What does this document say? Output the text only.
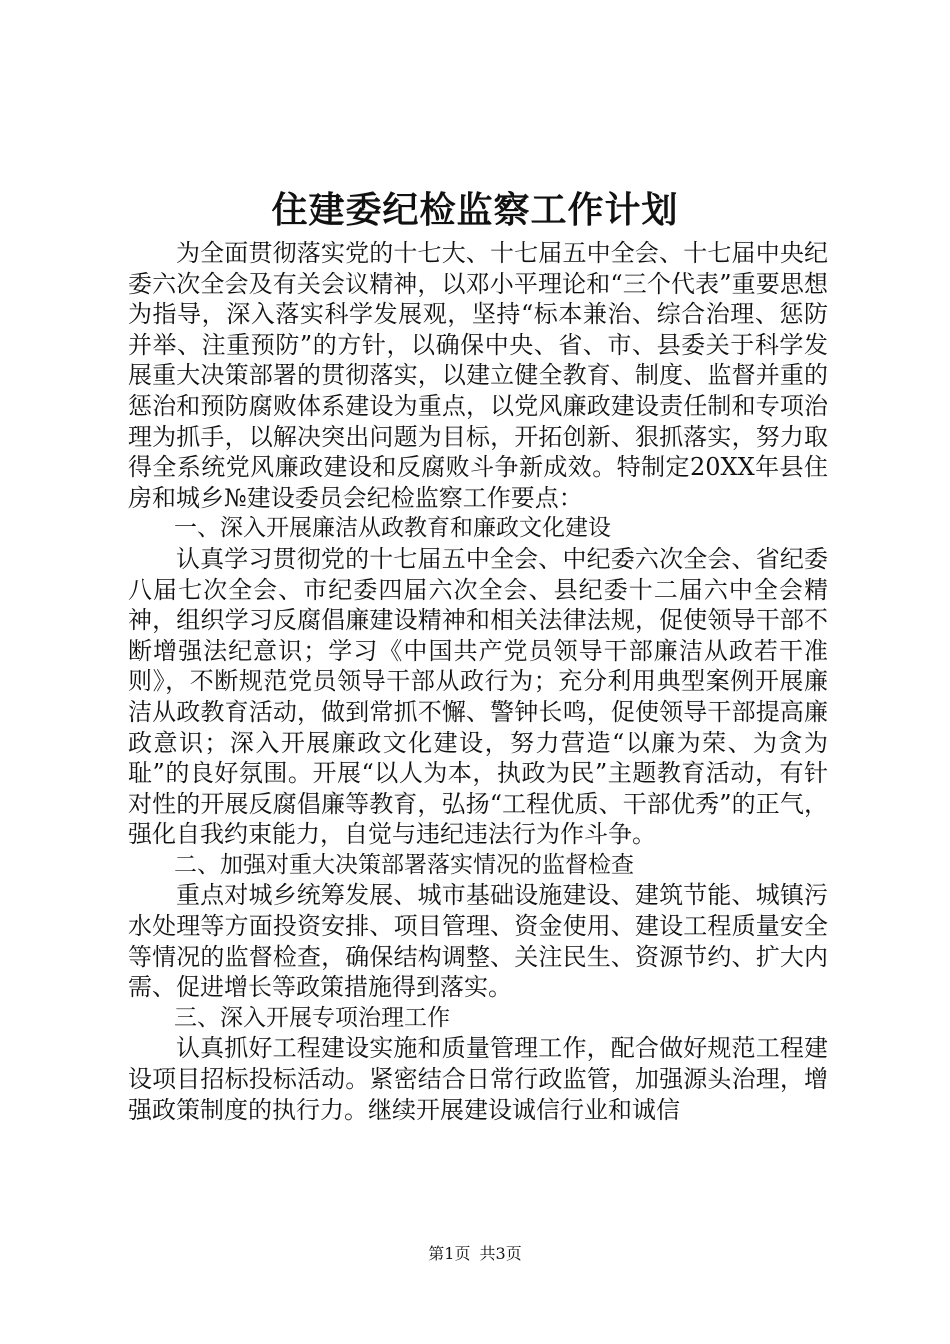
住建委纪检监察工作计划

为全面贯彻落实党的十七大、十七届五中全会、十七届中央纪委六次全会及有关会议精神，以邓小平理论和“三个代表”重要思想为指导，深入落实科学发展观，坚持“标本兼治、综合治理、惩防并举、注重预防”的方针，以确保中央、省、市、县委关于科学发展重大决策部署的贯彻落实，以建立健全教育、制度、监督并重的惩治和预防腐败体系建设为重点，以党风廉政建设责任制和专项治理为抓手，以解决突出问题为目标，开拓创新、狠抓落实，努力取得全系统党风廉政建设和反腐败斗争新成效。特制定20XX年县住房和城乡№建设委员会纪检监察工作要点：

一、深入开展廉洁从政教育和廉政文化建设

认真学习贯彻党的十七届五中全会、中纪委六次全会、省纪委八届七次全会、市纪委四届六次全会、县纪委十二届六中全会精神，组织学习反腐倡廉建设精神和相关法律法规，促使领导干部不断增强法纪意识；学习《中国共产党员领导干部廉洁从政若干准则》，不断规范党员领导干部从政行为；充分利用典型案例开展廉洁从政教育活动，做到常抓不懈、警钟长鸣，促使领导干部提高廉政意识；深入开展廉政文化建设，努力营造“以廉为荣、为贪为耻”的良好氛围。开展“以人为本，执政为民”主题教育活动，有针对性的开展反腐倡廉等教育，弘扬“工程优质、干部优秀”的正气，强化自我约束能力，自觉与违纪违法行为作斗争。

二、加强对重大决策部署落实情况的监督检查

重点对城乡统筹发展、城市基础设施建设、建筑节能、城镇污水处理等方面投资安排、项目管理、资金使用、建设工程质量安全等情况的监督检查，确保结构调整、关注民生、资源节约、扩大内需、促进增长等政策措施得到落实。

三、深入开展专项治理工作

认真抓好工程建设实施和质量管理工作，配合做好规范工程建设项目招标投标活动。紧密结合日常行政监管，加强源头治理，增强政策制度的执行力。继续开展建设诚信行业和诚信

第1页 共3页
